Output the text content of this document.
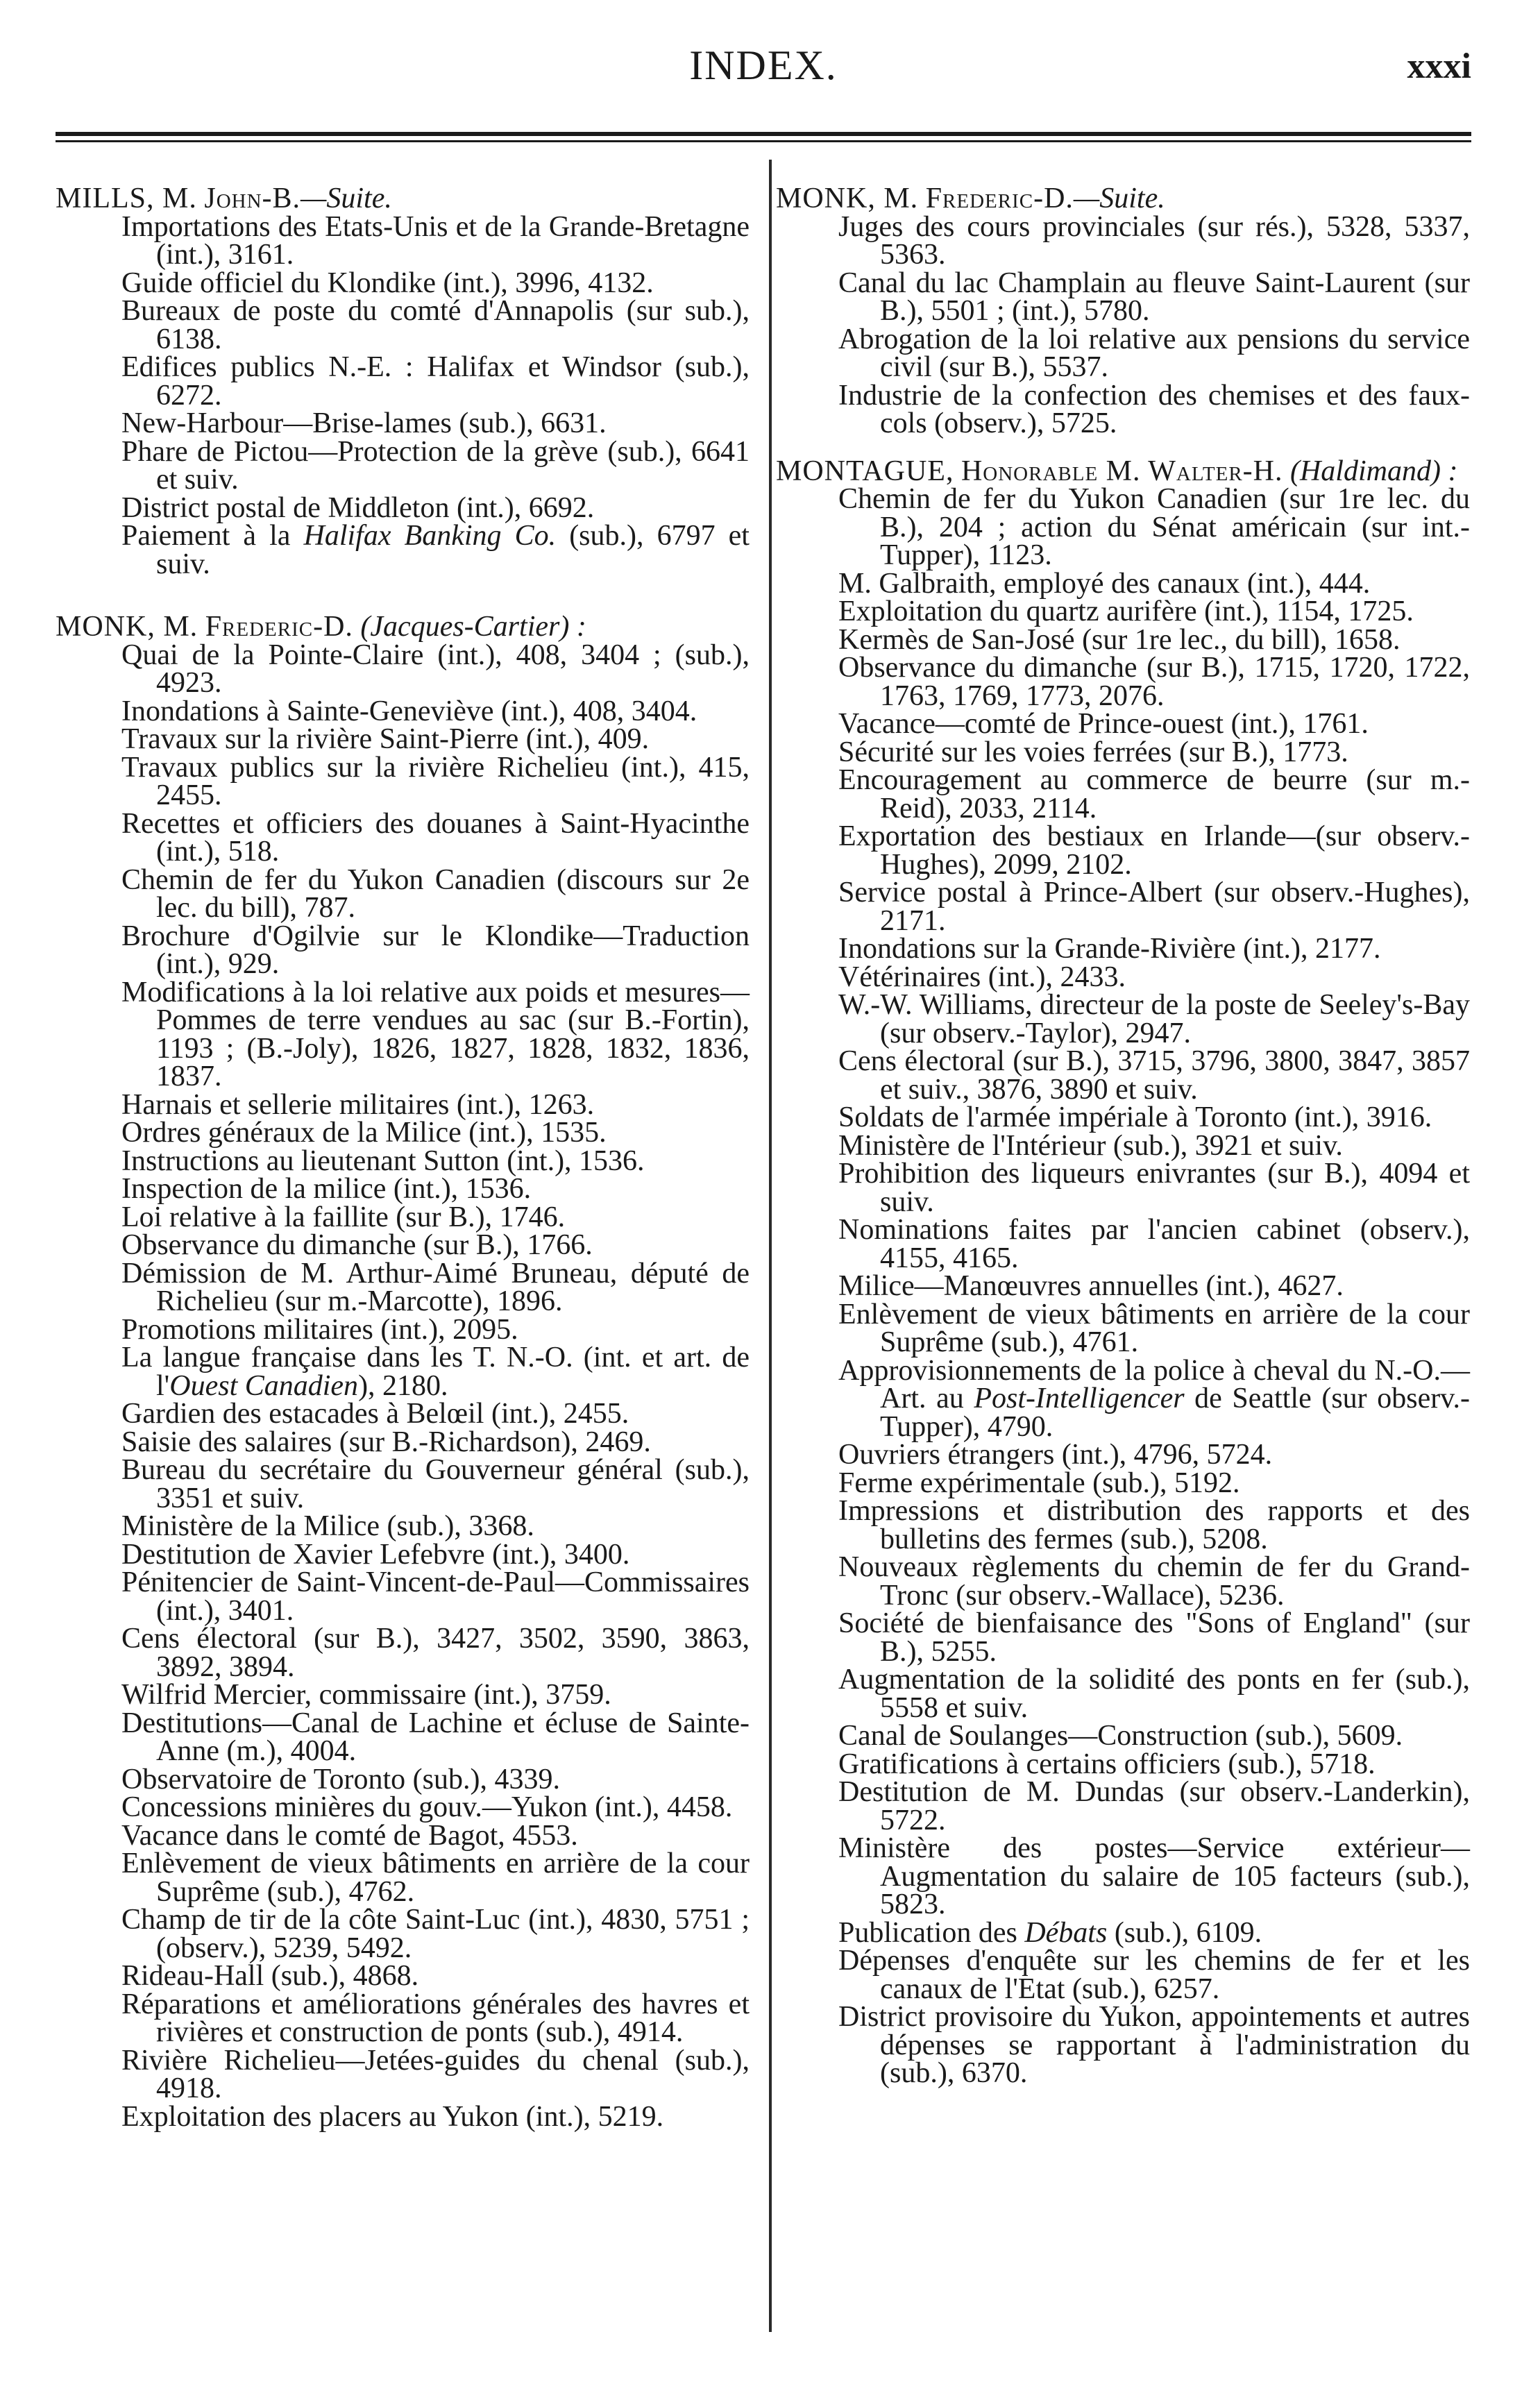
INDEX.	xxxi
MILLS, M. John-B.—Suite.
Importations des Etats-Unis et de la Grande-Bretagne (int.), 3161.
Guide officiel du Klondike (int.), 3996, 4132.
Bureaux de poste du comté d'Annapolis (sur sub.), 6138.
Edifices publics N.-E. : Halifax et Windsor (sub.), 6272.
New-Harbour—Brise-lames (sub.), 6631.
Phare de Pictou—Protection de la grève (sub.), 6641 et suiv.
District postal de Middleton (int.), 6692.
Paiement à la Halifax Banking Co. (sub.), 6797 et suiv.
MONK, M. Frederic-D. (Jacques-Cartier) :
Quai de la Pointe-Claire (int.), 408, 3404 ; (sub.), 4923.
Inondations à Sainte-Geneviève (int.), 408, 3404.
Travaux sur la rivière Saint-Pierre (int.), 409.
Travaux publics sur la rivière Richelieu (int.), 415, 2455.
Recettes et officiers des douanes à Saint-Hyacinthe (int.), 518.
Chemin de fer du Yukon Canadien (discours sur 2e lec. du bill), 787.
Brochure d'Ogilvie sur le Klondike—Traduction (int.), 929.
Modifications à la loi relative aux poids et mesures—Pommes de terre vendues au sac (sur B.-Fortin), 1193 ; (B.-Joly), 1826, 1827, 1828, 1832, 1836, 1837.
Harnais et sellerie militaires (int.), 1263.
Ordres généraux de la Milice (int.), 1535.
Instructions au lieutenant Sutton (int.), 1536.
Inspection de la milice (int.), 1536.
Loi relative à la faillite (sur B.), 1746.
Observance du dimanche (sur B.), 1766.
Démission de M. Arthur-Aimé Bruneau, député de Richelieu (sur m.-Marcotte), 1896.
Promotions militaires (int.), 2095.
La langue française dans les T. N.-O. (int. et art. de l'Ouest Canadien), 2180.
Gardien des estacades à Belœil (int.), 2455.
Saisie des salaires (sur B.-Richardson), 2469.
Bureau du secrétaire du Gouverneur général (sub.), 3351 et suiv.
Ministère de la Milice (sub.), 3368.
Destitution de Xavier Lefebvre (int.), 3400.
Pénitencier de Saint-Vincent-de-Paul—Commissaires (int.), 3401.
Cens électoral (sur B.), 3427, 3502, 3590, 3863, 3892, 3894.
Wilfrid Mercier, commissaire (int.), 3759.
Destitutions—Canal de Lachine et écluse de Sainte-Anne (m.), 4004.
Observatoire de Toronto (sub.), 4339.
Concessions minières du gouv.—Yukon (int.), 4458.
Vacance dans le comté de Bagot, 4553.
Enlèvement de vieux bâtiments en arrière de la cour Suprême (sub.), 4762.
Champ de tir de la côte Saint-Luc (int.), 4830, 5751 ; (observ.), 5239, 5492.
Rideau-Hall (sub.), 4868.
Réparations et améliorations générales des havres et rivières et construction de ponts (sub.), 4914.
Rivière Richelieu—Jetées-guides du chenal (sub.), 4918.
Exploitation des placers au Yukon (int.), 5219.
MONK, M. Frederic-D.—Suite.
Juges des cours provinciales (sur rés.), 5328, 5337, 5363.
Canal du lac Champlain au fleuve Saint-Laurent (sur B.), 5501 ; (int.), 5780.
Abrogation de la loi relative aux pensions du service civil (sur B.), 5537.
Industrie de la confection des chemises et des faux-cols (observ.), 5725.
MONTAGUE, Honorable M. Walter-H. (Haldimand) :
Chemin de fer du Yukon Canadien (sur 1re lec. du B.), 204 ; action du Sénat américain (sur int.-Tupper), 1123.
M. Galbraith, employé des canaux (int.), 444.
Exploitation du quartz aurifère (int.), 1154, 1725.
Kermès de San-José (sur 1re lec., du bill), 1658.
Observance du dimanche (sur B.), 1715, 1720, 1722, 1763, 1769, 1773, 2076.
Vacance—comté de Prince-ouest (int.), 1761.
Sécurité sur les voies ferrées (sur B.), 1773.
Encouragement au commerce de beurre (sur m.-Reid), 2033, 2114.
Exportation des bestiaux en Irlande—(sur observ.-Hughes), 2099, 2102.
Service postal à Prince-Albert (sur observ.-Hughes), 2171.
Inondations sur la Grande-Rivière (int.), 2177.
Vétérinaires (int.), 2433.
W.-W. Williams, directeur de la poste de Seeley's-Bay (sur observ.-Taylor), 2947.
Cens électoral (sur B.), 3715, 3796, 3800, 3847, 3857 et suiv., 3876, 3890 et suiv.
Soldats de l'armée impériale à Toronto (int.), 3916.
Ministère de l'Intérieur (sub.), 3921 et suiv.
Prohibition des liqueurs enivrantes (sur B.), 4094 et suiv.
Nominations faites par l'ancien cabinet (observ.), 4155, 4165.
Milice—Manœuvres annuelles (int.), 4627.
Enlèvement de vieux bâtiments en arrière de la cour Suprême (sub.), 4761.
Approvisionnements de la police à cheval du N.-O.—Art. au Post-Intelligencer de Seattle (sur observ.-Tupper), 4790.
Ouvriers étrangers (int.), 4796, 5724.
Ferme expérimentale (sub.), 5192.
Impressions et distribution des rapports et des bulletins des fermes (sub.), 5208.
Nouveaux règlements du chemin de fer du Grand-Tronc (sur observ.-Wallace), 5236.
Société de bienfaisance des "Sons of England" (sur B.), 5255.
Augmentation de la solidité des ponts en fer (sub.), 5558 et suiv.
Canal de Soulanges—Construction (sub.), 5609.
Gratifications à certains officiers (sub.), 5718.
Destitution de M. Dundas (sur observ.-Landerkin), 5722.
Ministère des postes—Service extérieur—Augmentation du salaire de 105 facteurs (sub.), 5823.
Publication des Débats (sub.), 6109.
Dépenses d'enquête sur les chemins de fer et les canaux de l'Etat (sub.), 6257.
District provisoire du Yukon, appointements et autres dépenses se rapportant à l'administration du (sub.), 6370.
